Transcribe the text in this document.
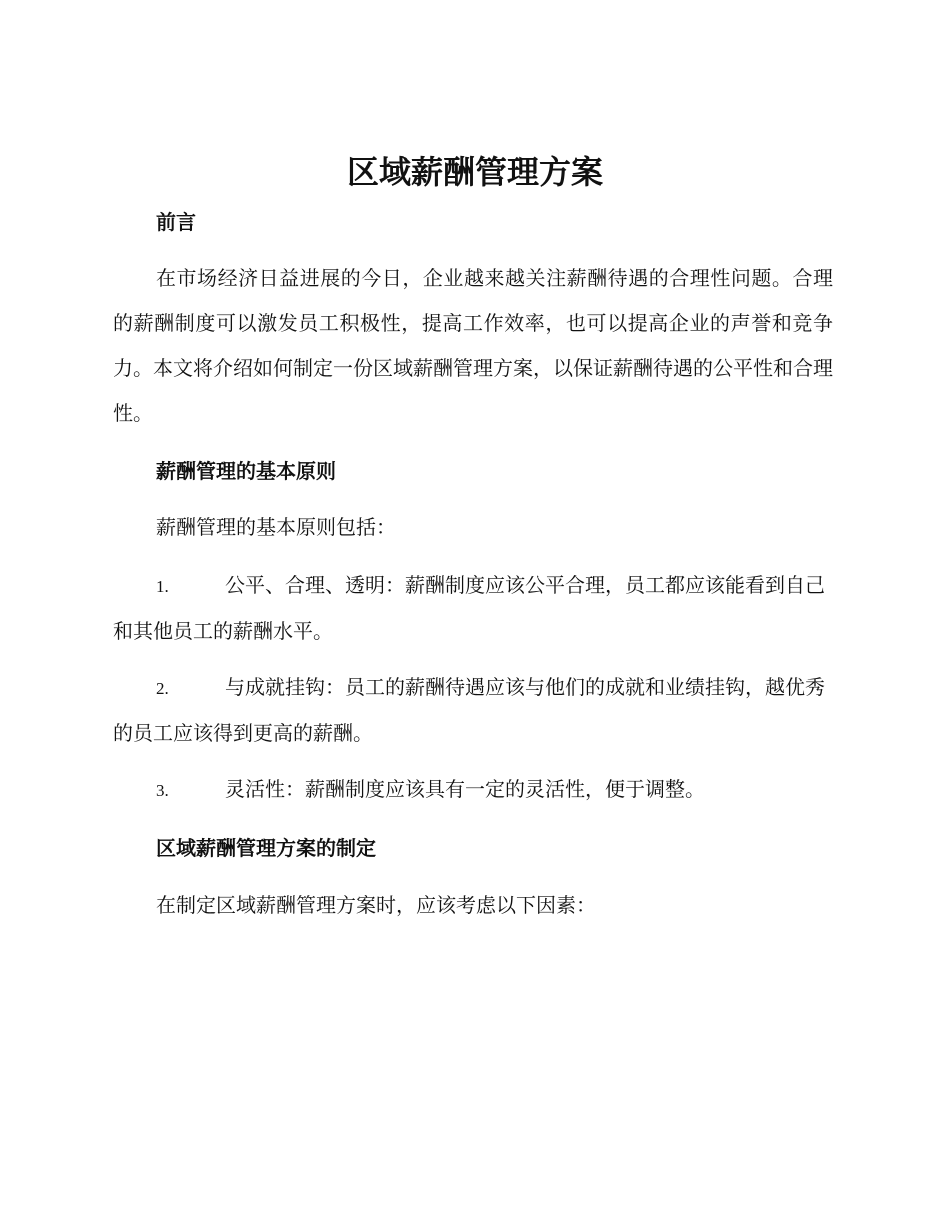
区域薪酬管理方案
前言
在市场经济日益进展的今日，企业越来越关注薪酬待遇的合理性问题。合理的薪酬制度可以激发员工积极性，提高工作效率，也可以提高企业的声誉和竞争力。本文将介绍如何制定一份区域薪酬管理方案，以保证薪酬待遇的公平性和合理性。
薪酬管理的基本原则
薪酬管理的基本原则包括：
1.	公平、合理、透明：薪酬制度应该公平合理，员工都应该能看到自己和其他员工的薪酬水平。
2.	与成就挂钩：员工的薪酬待遇应该与他们的成就和业绩挂钩，越优秀的员工应该得到更高的薪酬。
3.	灵活性：薪酬制度应该具有一定的灵活性，便于调整。
区域薪酬管理方案的制定
在制定区域薪酬管理方案时，应该考虑以下因素：
